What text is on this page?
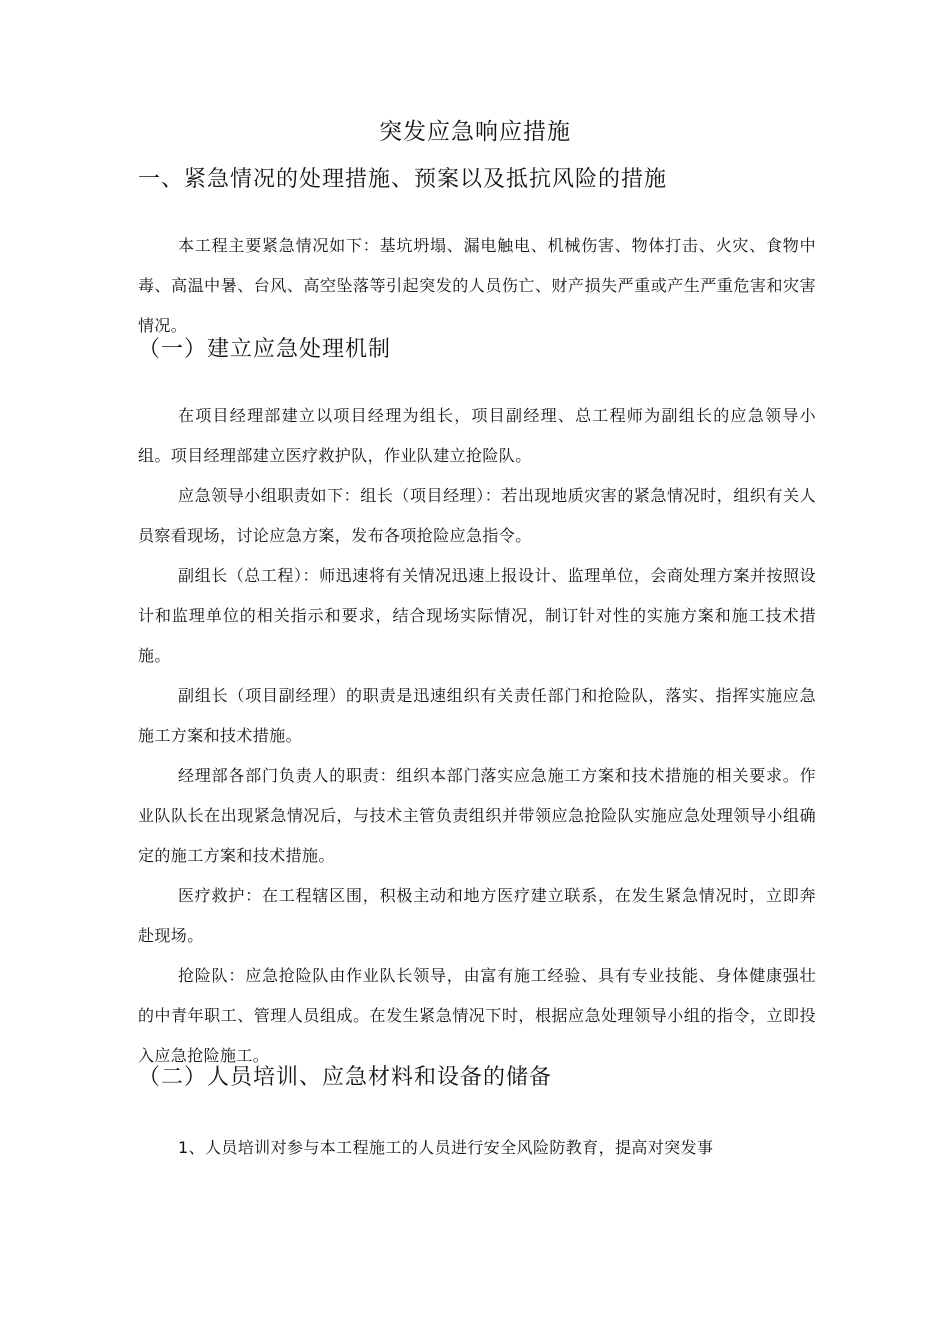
突发应急响应措施
一、紧急情况的处理措施、预案以及抵抗风险的措施

本工程主要紧急情况如下：基坑坍塌、漏电触电、机械伤害、物体打击、火灾、食物中毒、高温中暑、台风、高空坠落等引起突发的人员伤亡、财产损失严重或产生严重危害和灾害情况。

（一）建立应急处理机制

在项目经理部建立以项目经理为组长，项目副经理、总工程师为副组长的应急领导小组。项目经理部建立医疗救护队，作业队建立抢险队。

应急领导小组职责如下：组长（项目经理）：若出现地质灾害的紧急情况时，组织有关人员察看现场，讨论应急方案，发布各项抢险应急指令。

副组长（总工程）：师迅速将有关情况迅速上报设计、监理单位，会商处理方案并按照设计和监理单位的相关指示和要求，结合现场实际情况，制订针对性的实施方案和施工技术措施。

副组长（项目副经理）的职责是迅速组织有关责任部门和抢险队，落实、指挥实施应急施工方案和技术措施。

经理部各部门负责人的职责：组织本部门落实应急施工方案和技术措施的相关要求。作业队队长在出现紧急情况后，与技术主管负责组织并带领应急抢险队实施应急处理领导小组确定的施工方案和技术措施。

医疗救护：在工程辖区围，积极主动和地方医疗建立联系，在发生紧急情况时，立即奔赴现场。

抢险队：应急抢险队由作业队长领导，由富有施工经验、具有专业技能、身体健康强壮的中青年职工、管理人员组成。在发生紧急情况下时，根据应急处理领导小组的指令，立即投入应急抢险施工。

（二）人员培训、应急材料和设备的储备

1、人员培训对参与本工程施工的人员进行安全风险防教育，提高对突发事
